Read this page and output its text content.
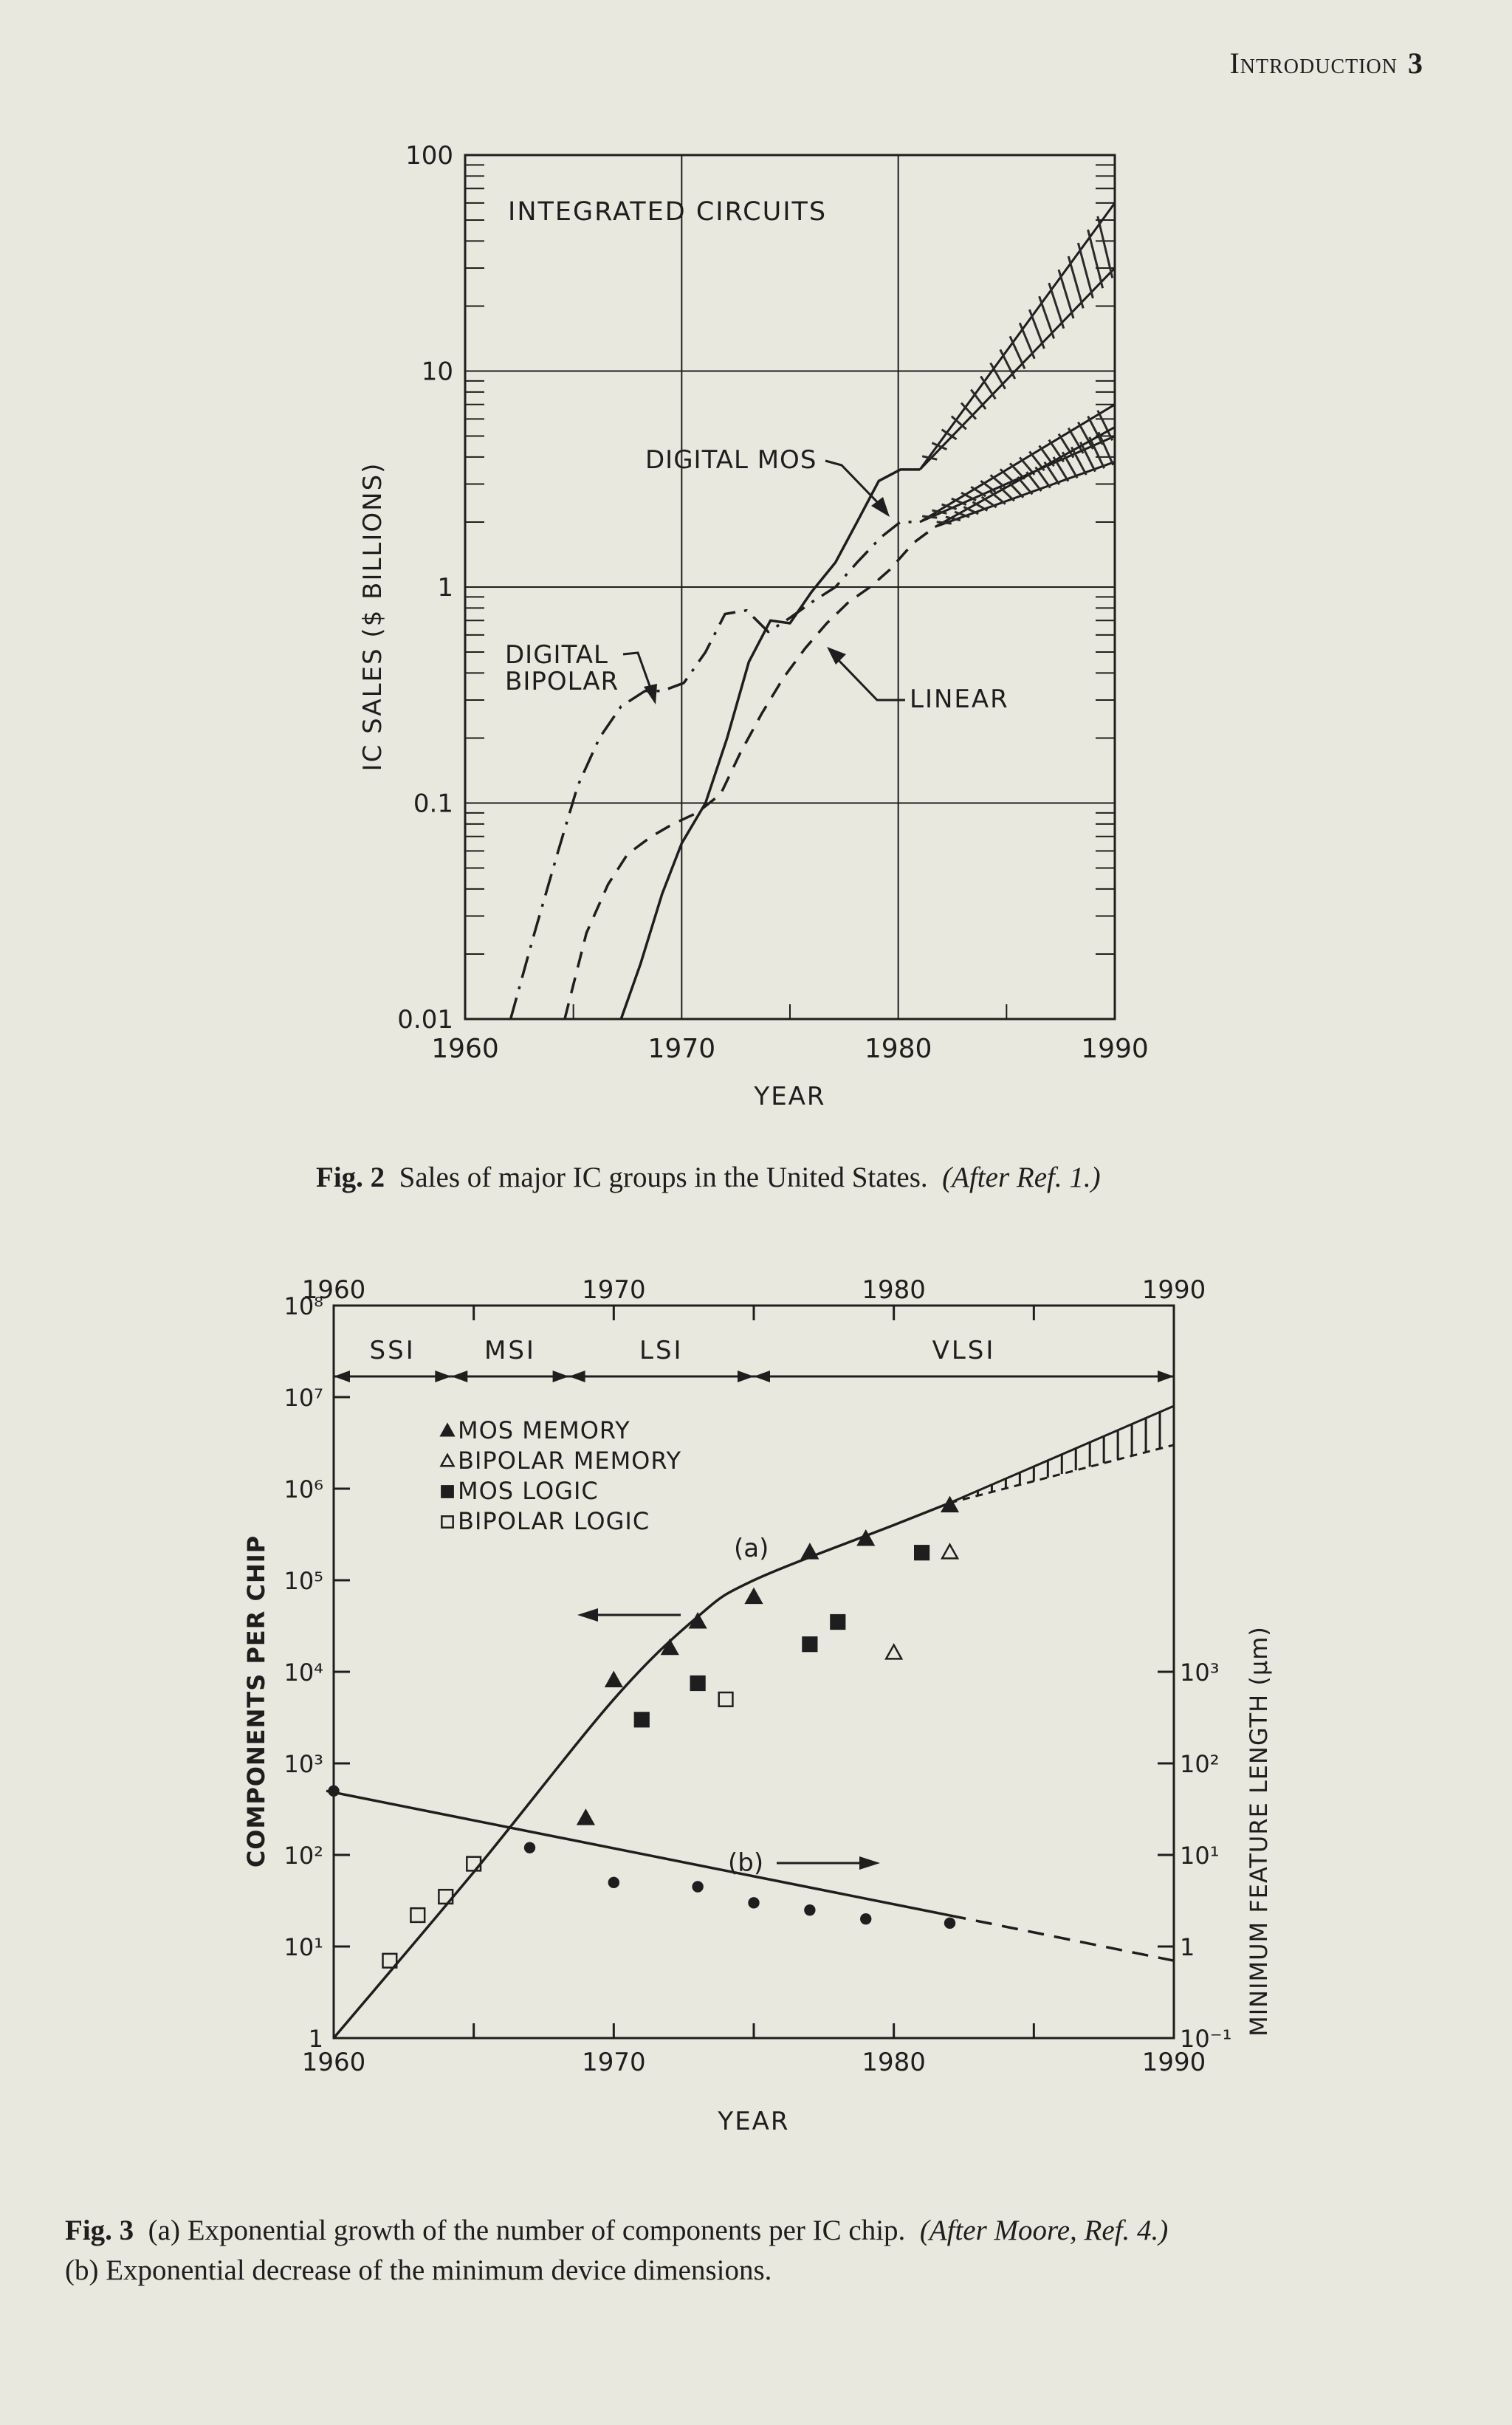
Introduction 3
1960	1970	1980	1990
0.01
0.1
1
10
100
YEAR
IC SALES ($ BILLIONS)
INTEGRATED CIRCUITS
DIGITAL MOS
DIGITAL BIPOLAR
LINEAR
Fig. 2 Sales of major IC groups in the United States. (After Ref. 1.)
1
10¹
10²
10³
10⁴
10⁵
10⁶
10⁷
10⁸
10⁻¹
1
10¹
10²
10³
1960
1960
1970
1970
1980
1980
1990
1990
YEAR
COMPONENTS PER CHIP	MINIMUM FEATURE LENGTH (μm)
SSI	MSI	LSI	VLSI
MOS MEMORY
BIPOLAR MEMORY
MOS LOGIC
BIPOLAR LOGIC
(a)
(b)
Fig. 3 (a) Exponential growth of the number of components per IC chip. (After Moore, Ref. 4.)
(b) Exponential decrease of the minimum device dimensions.
